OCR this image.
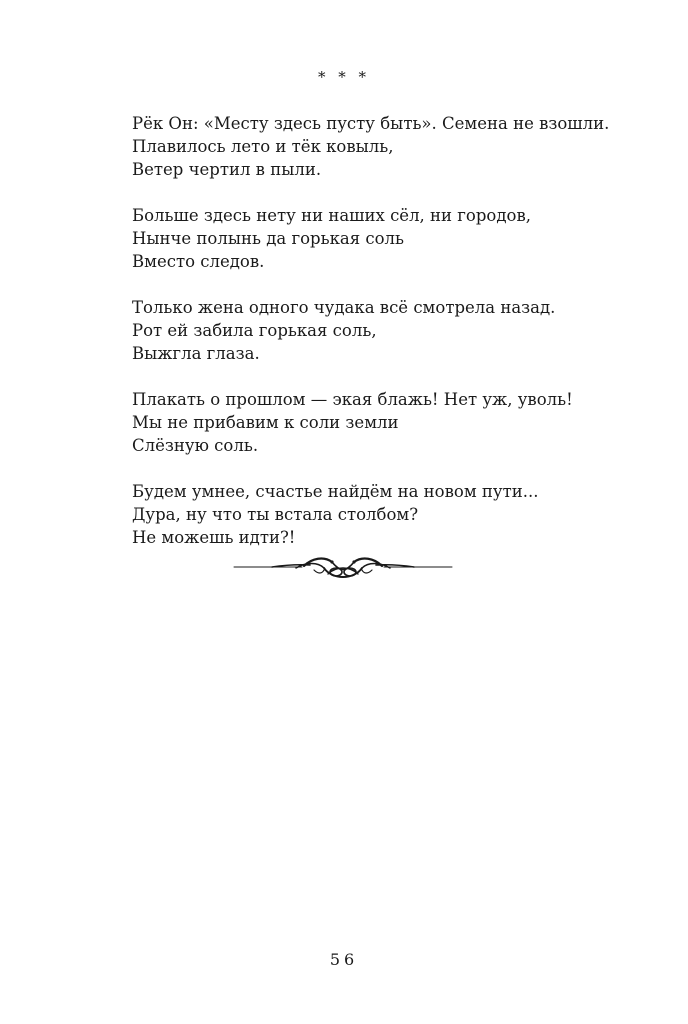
* * *
Рёк Он: «Месту здесь пусту быть». Семена не взошли.
Плавилось лето и тёк ковыль,
Ветер чертил в пыли.
Больше здесь нету ни наших сёл, ни городов,
Нынче полынь да горькая соль
Вместо следов.
Только жена одного чудака всё смотрела назад.
Рот ей забила горькая соль,
Выжгла глаза.
Плакать о прошлом — экая блажь! Нет уж, уволь!
Мы не прибавим к соли земли
Слёзную соль.
Будем умнее, счастье найдём на новом пути...
Дура, ну что ты встала столбом?
Не можешь идти?!
56
